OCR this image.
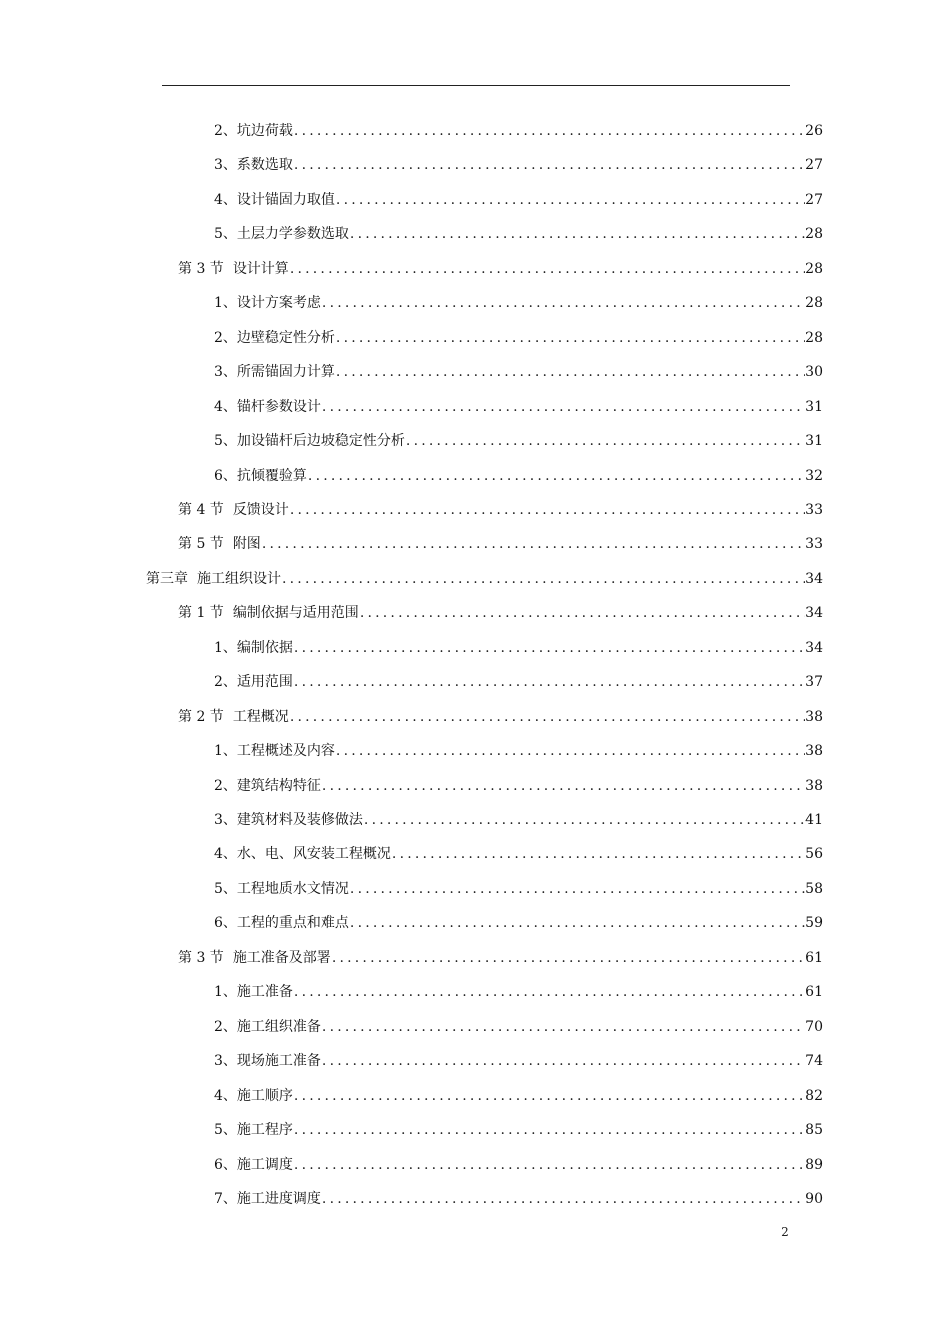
2、 坑边荷载 .....	26
3、 系数选取 .....	27
4、 设计锚固力取值 .....	27
5、 土层力学参数选取 .....	28
第 3 节 设计计算 .....	28
1、 设计方案考虑 .....	28
2、 边壁稳定性分析 .....	28
3、 所需锚固力计算 .....	30
4、 锚杆参数设计 .....	31
5、 加设锚杆后边坡稳定性分析 .....	31
6、 抗倾覆验算 .....	32
第 4 节 反馈设计 .....	33
第 5 节 附图 .....	33
第三章 施工组织设计 .....	34
第 1 节 编制依据与适用范围 .....	34
1、 编制依据 .....	34
2、 适用范围 .....	37
第 2 节 工程概况 .....	38
1、 工程概述及内容 .....	38
2、 建筑结构特征 .....	38
3、 建筑材料及装修做法 .....	41
4、 水、电、风安装工程概况 .....	56
5、 工程地质水文情况 .....	58
6、 工程的重点和难点 .....	59
第 3 节 施工准备及部署 .....	61
1、 施工准备 .....	61
2、 施工组织准备 .....	70
3、 现场施工准备 .....	74
4、 施工顺序 .....	82
5、 施工程序 .....	85
6、 施工调度 .....	89
7、 施工进度调度 .....	90
2
